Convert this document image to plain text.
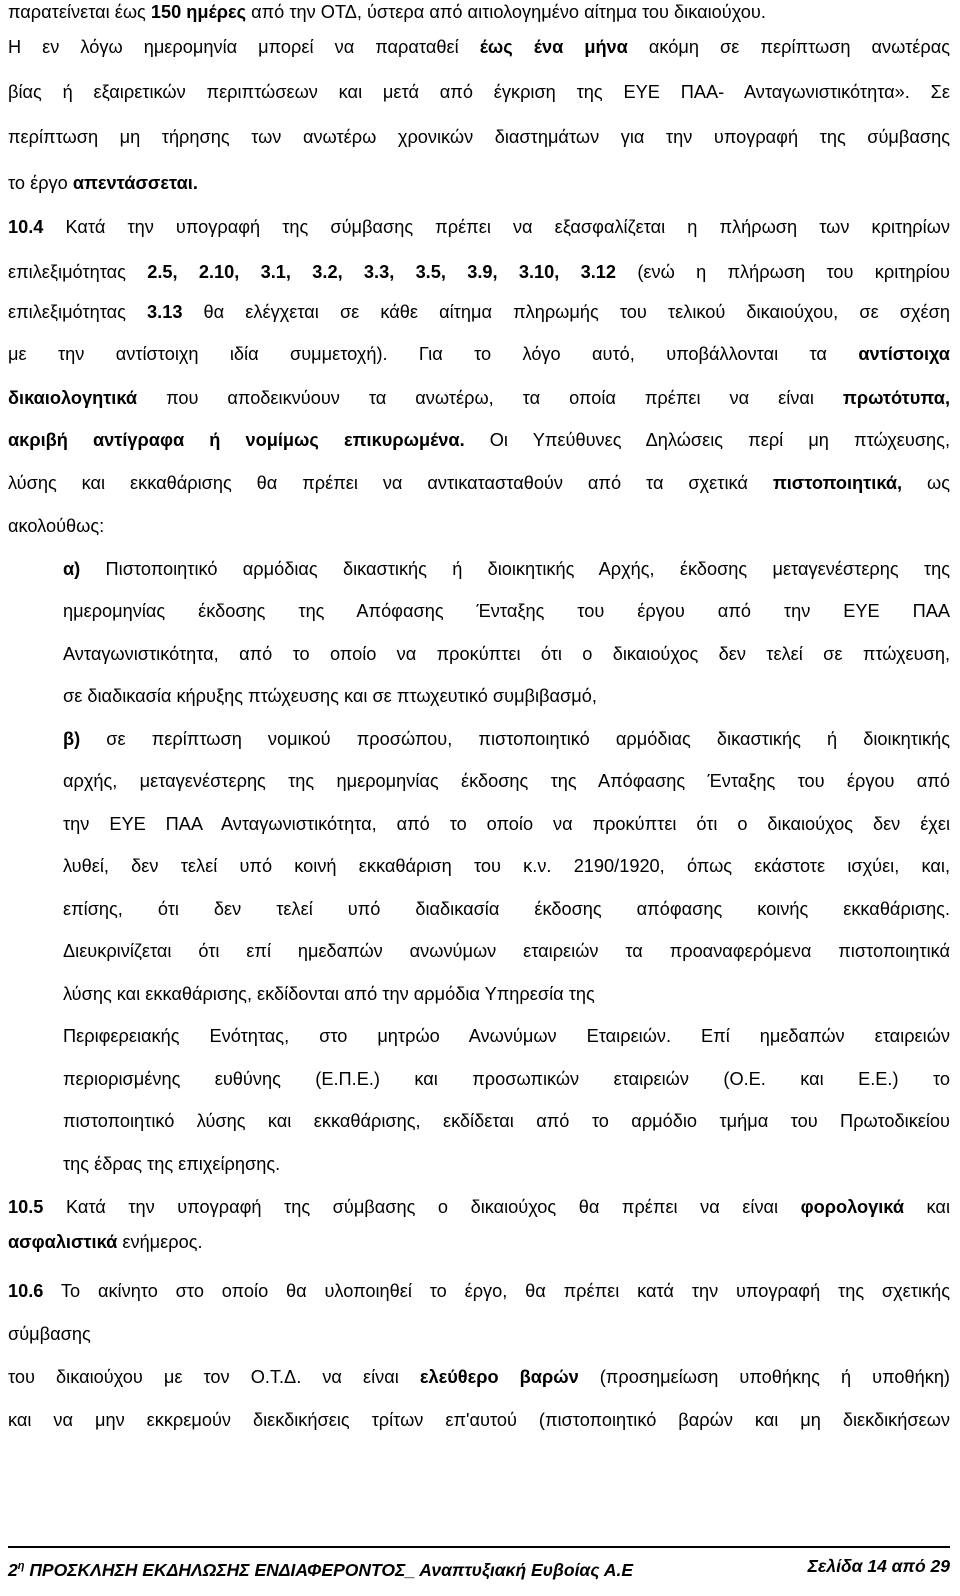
παρατείνεται έως 150 ημέρες από την ΟΤΔ, ύστερα από αιτιολογημένο αίτημα του δικαιούχου.
Η εν λόγω ημερομηνία μπορεί να παραταθεί έως ένα μήνα ακόμη σε περίπτωση ανωτέρας
βίας ή εξαιρετικών περιπτώσεων και μετά από έγκριση της ΕΥΕ ΠΑΑ- Ανταγωνιστικότητα». Σε
περίπτωση μη τήρησης των ανωτέρω χρονικών διαστημάτων για την υπογραφή της σύμβασης
το έργο απεντάσσεται.
10.4 Κατά την υπογραφή της σύμβασης πρέπει να εξασφαλίζεται η πλήρωση των κριτηρίων
επιλεξιμότητας 2.5, 2.10, 3.1, 3.2, 3.3, 3.5, 3.9, 3.10, 3.12 (ενώ η πλήρωση του κριτηρίου
επιλεξιμότητας 3.13 θα ελέγχεται σε κάθε αίτημα πληρωμής του τελικού δικαιούχου, σε σχέση
με την αντίστοιχη ιδία συμμετοχή). Για το λόγο αυτό, υποβάλλονται τα αντίστοιχα
δικαιολογητικά που αποδεικνύουν τα ανωτέρω, τα οποία πρέπει να είναι πρωτότυπα,
ακριβή αντίγραφα ή νομίμως επικυρωμένα. Οι Υπεύθυνες Δηλώσεις περί μη πτώχευσης,
λύσης και εκκαθάρισης θα πρέπει να αντικατασταθούν από τα σχετικά πιστοποιητικά, ως
ακολούθως:
α) Πιστοποιητικό αρμόδιας δικαστικής ή διοικητικής Αρχής, έκδοσης μεταγενέστερης της
ημερομηνίας έκδοσης της Απόφασης Ένταξης του έργου από την ΕΥΕ ΠΑΑ
Ανταγωνιστικότητα, από το οποίο να προκύπτει ότι ο δικαιούχος δεν τελεί σε πτώχευση,
σε διαδικασία κήρυξης πτώχευσης και σε πτωχευτικό συμβιβασμό,
β) σε περίπτωση νομικού προσώπου, πιστοποιητικό αρμόδιας δικαστικής ή διοικητικής
αρχής, μεταγενέστερης της ημερομηνίας έκδοσης της Απόφασης Ένταξης του έργου από
την ΕΥΕ ΠΑΑ Ανταγωνιστικότητα, από το οποίο να προκύπτει ότι ο δικαιούχος δεν έχει
λυθεί, δεν τελεί υπό κοινή εκκαθάριση του κ.ν. 2190/1920, όπως εκάστοτε ισχύει, και,
επίσης, ότι δεν τελεί υπό διαδικασία έκδοσης απόφασης κοινής εκκαθάρισης.
Διευκρινίζεται ότι επί ημεδαπών ανωνύμων εταιρειών τα προαναφερόμενα πιστοποιητικά
λύσης και εκκαθάρισης, εκδίδονται από την αρμόδια Υπηρεσία της
Περιφερειακής Ενότητας, στο μητρώο Ανωνύμων Εταιρειών. Επί ημεδαπών εταιρειών
περιορισμένης ευθύνης (Ε.Π.Ε.) και προσωπικών εταιρειών (Ο.Ε. και Ε.Ε.) το
πιστοποιητικό λύσης και εκκαθάρισης, εκδίδεται από το αρμόδιο τμήμα του Πρωτοδικείου
της έδρας της επιχείρησης.
10.5 Κατά την υπογραφή της σύμβασης ο δικαιούχος θα πρέπει να είναι φορολογικά και
ασφαλιστικά ενήμερος.
10.6 Το ακίνητο στο οποίο θα υλοποιηθεί το έργο, θα πρέπει κατά την υπογραφή της σχετικής
σύμβασης
του δικαιούχου με τον Ο.Τ.Δ. να είναι ελεύθερο βαρών (προσημείωση υποθήκης ή υποθήκη)
και να μην εκκρεμούν διεκδικήσεις τρίτων επ'αυτού (πιστοποιητικό βαρών και μη διεκδικήσεων
$2^\eta$ ΠΡΟΣΚΛΗΣΗ ΕΚΔΗΛΩΣΗΣ ΕΝΔΙΑΦΕΡΟΝΤΟΣ_ Αναπτυξιακή Ευβοίας Α.Ε	Σελίδα 14 από 29
